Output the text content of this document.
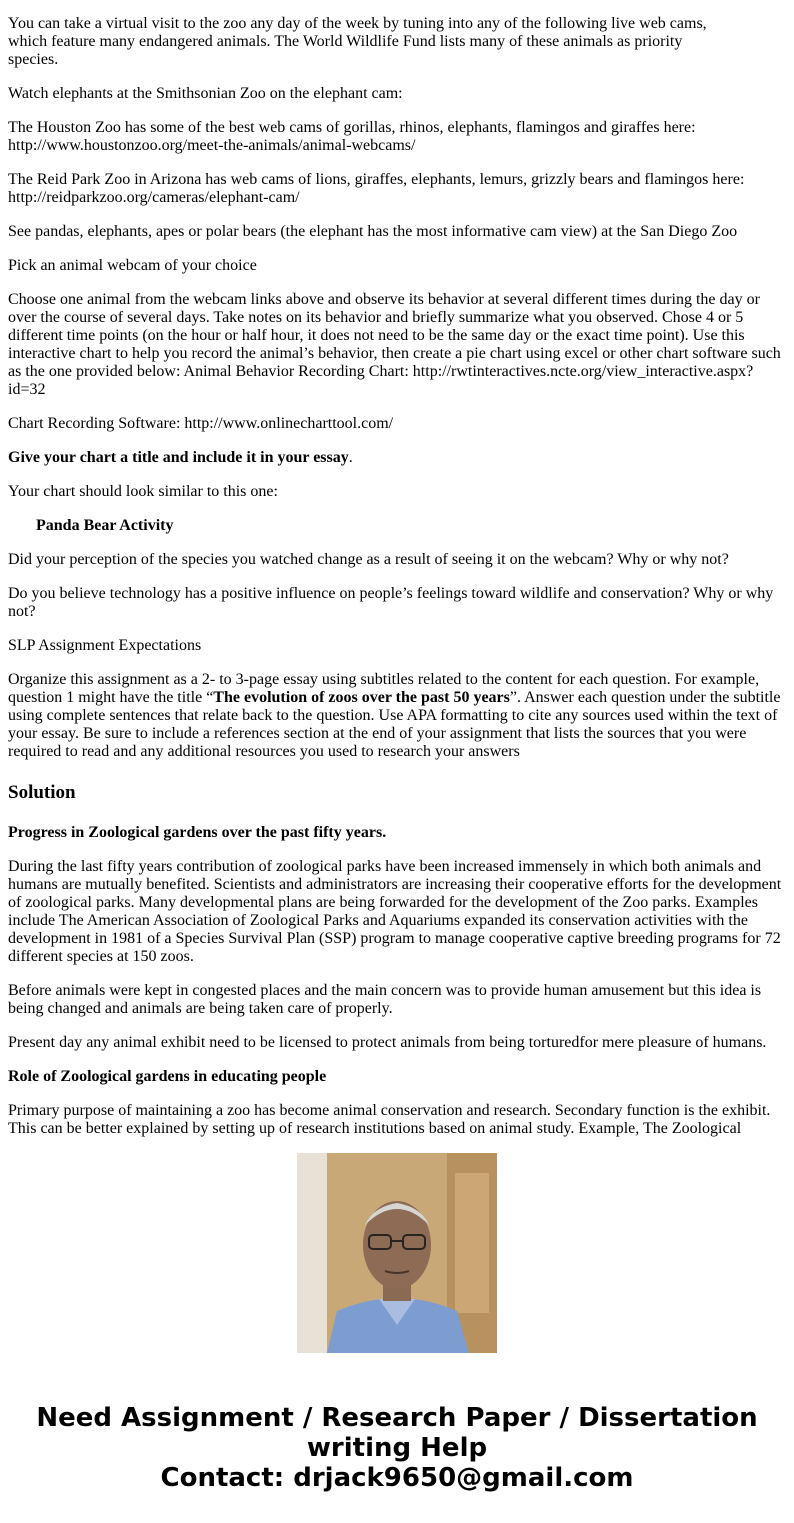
You can take a virtual visit to the zoo any day of the week by tuning into any of the following live web cams, which feature many endangered animals. The World Wildlife Fund lists many of these animals as priority species.

Watch elephants at the Smithsonian Zoo on the elephant cam:

The Houston Zoo has some of the best web cams of gorillas, rhinos, elephants, flamingos and giraffes here: http://www.houstonzoo.org/meet-the-animals/animal-webcams/

The Reid Park Zoo in Arizona has web cams of lions, giraffes, elephants, lemurs, grizzly bears and flamingos here: http://reidparkzoo.org/cameras/elephant-cam/

See pandas, elephants, apes or polar bears (the elephant has the most informative cam view) at the San Diego Zoo

Pick an animal webcam of your choice

Choose one animal from the webcam links above and observe its behavior at several different times during the day or over the course of several days. Take notes on its behavior and briefly summarize what you observed. Chose 4 or 5 different time points (on the hour or half hour, it does not need to be the same day or the exact time point). Use this interactive chart to help you record the animal’s behavior, then create a pie chart using excel or other chart software such as the one provided below: Animal Behavior Recording Chart: http://rwtinteractives.ncte.org/view_interactive.aspx?id=32

Chart Recording Software: http://www.onlinecharttool.com/

Give your chart a title and include it in your essay.

Your chart should look similar to this one:

Panda Bear Activity

Did your perception of the species you watched change as a result of seeing it on the webcam? Why or why not?

Do you believe technology has a positive influence on people’s feelings toward wildlife and conservation? Why or why not?

SLP Assignment Expectations

Organize this assignment as a 2- to 3-page essay using subtitles related to the content for each question. For example, question 1 might have the title “The evolution of zoos over the past 50 years”. Answer each question under the subtitle using complete sentences that relate back to the question. Use APA formatting to cite any sources used within the text of your essay. Be sure to include a references section at the end of your assignment that lists the sources that you were required to read and any additional resources you used to research your answers

Solution

Progress in Zoological gardens over the past fifty years.

During the last fifty years contribution of zoological parks have been increased immensely in which both animals and humans are mutually benefited. Scientists and administrators are increasing their cooperative efforts for the development of zoological parks. Many developmental plans are being forwarded for the development of the Zoo parks. Examples include The American Association of Zoological Parks and Aquariums expanded its conservation activities with the development in 1981 of a Species Survival Plan (SSP) program to manage cooperative captive breeding programs for 72 different species at 150 zoos.

Before animals were kept in congested places and the main concern was to provide human amusement but this idea is being changed and animals are being taken care of properly.

Present day any animal exhibit need to be licensed to protect animals from being torturedfor mere pleasure of humans.

Role of Zoological gardens in educating people

Primary purpose of maintaining a zoo has become animal conservation and research. Secondary function is the exhibit. This can be better explained by setting up of research institutions based on animal study. Example, The Zoological

Need Assignment / Research Paper / Dissertation
writing Help
Contact: drjack9650@gmail.com
